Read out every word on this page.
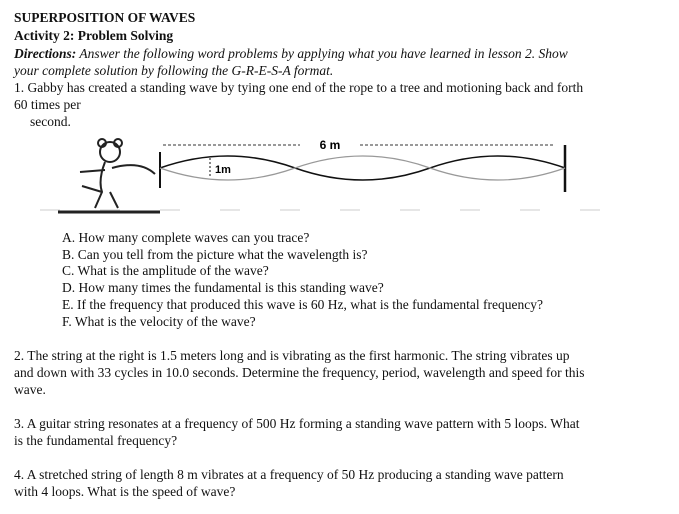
SUPERPOSITION OF WAVES
Activity 2: Problem Solving
Directions: Answer the following word problems by applying what you have learned in lesson 2. Show
your complete solution by following the G-R-E-S-A format.
1. Gabby has created a standing wave by tying one end of the rope to a tree and motioning back and forth
60 times per
second.
6 m
1m
A. How many complete waves can you trace?
B. Can you tell from the picture what the wavelength is?
C. What is the amplitude of the wave?
D. How many times the fundamental is this standing wave?
E. If the frequency that produced this wave is 60 Hz, what is the fundamental frequency?
F. What is the velocity of the wave?
2. The string at the right is 1.5 meters long and is vibrating as the first harmonic. The string vibrates up
and down with 33 cycles in 10.0 seconds. Determine the frequency, period, wavelength and speed for this
wave.
3. A guitar string resonates at a frequency of 500 Hz forming a standing wave pattern with 5 loops. What
is the fundamental frequency?
4. A stretched string of length 8 m vibrates at a frequency of 50 Hz producing a standing wave pattern
with 4 loops. What is the speed of wave?
